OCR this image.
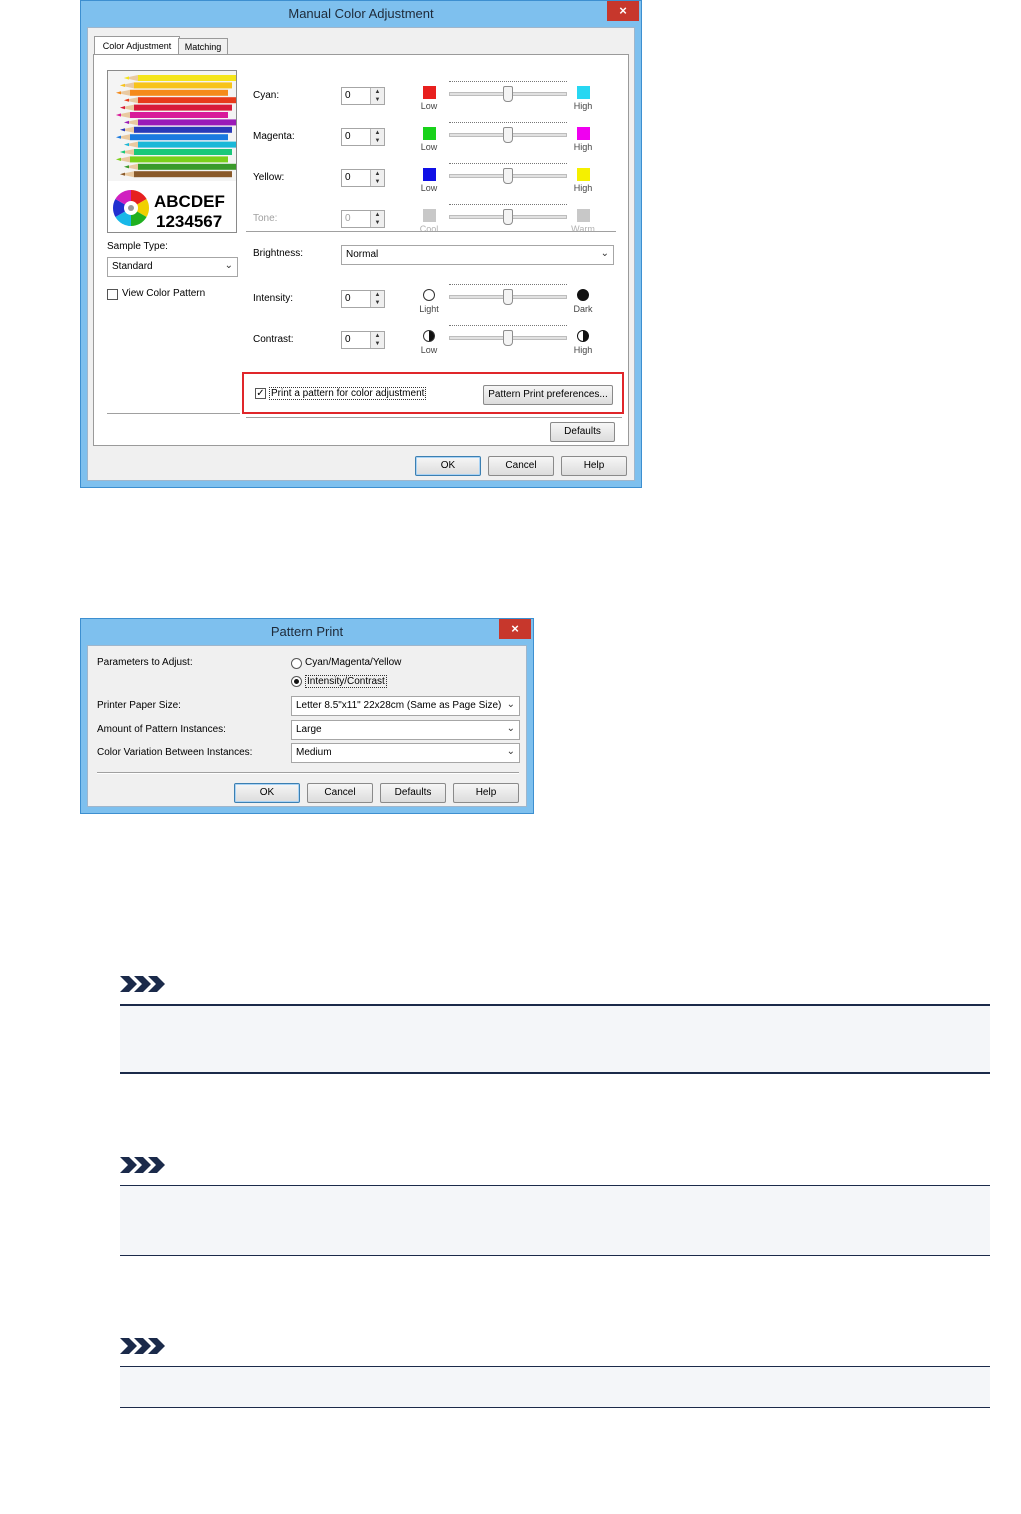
Manual Color Adjustment	×
Color Adjustment	Matching
ABCDEF
1234567
Sample Type:
Standard	⌄
View Color Pattern
Cyan:	0	▲
▼
Low	High
Magenta:	0	▲
▼
Low	High
Yellow:	0	▲
▼
Low	High
Tone:	0	▲
▼
Cool	Warm
Brightness:	Normal	⌄
Intensity:	0	▲
▼
Light	Dark
Contrast:	0	▲
▼
Low	High
✓ Print a pattern for color adjustment	Pattern Print preferences...
Defaults
OK	Cancel	Help
Pattern Print	×
Parameters to Adjust:	Cyan/Magenta/Yellow
Intensity/Contrast
Printer Paper Size:	Letter 8.5"x11" 22x28cm (Same as Page Size) ⌄
Amount of Pattern Instances:	Large	⌄
Color Variation Between Instances:	Medium	⌄
OK	Cancel	Defaults	Help
